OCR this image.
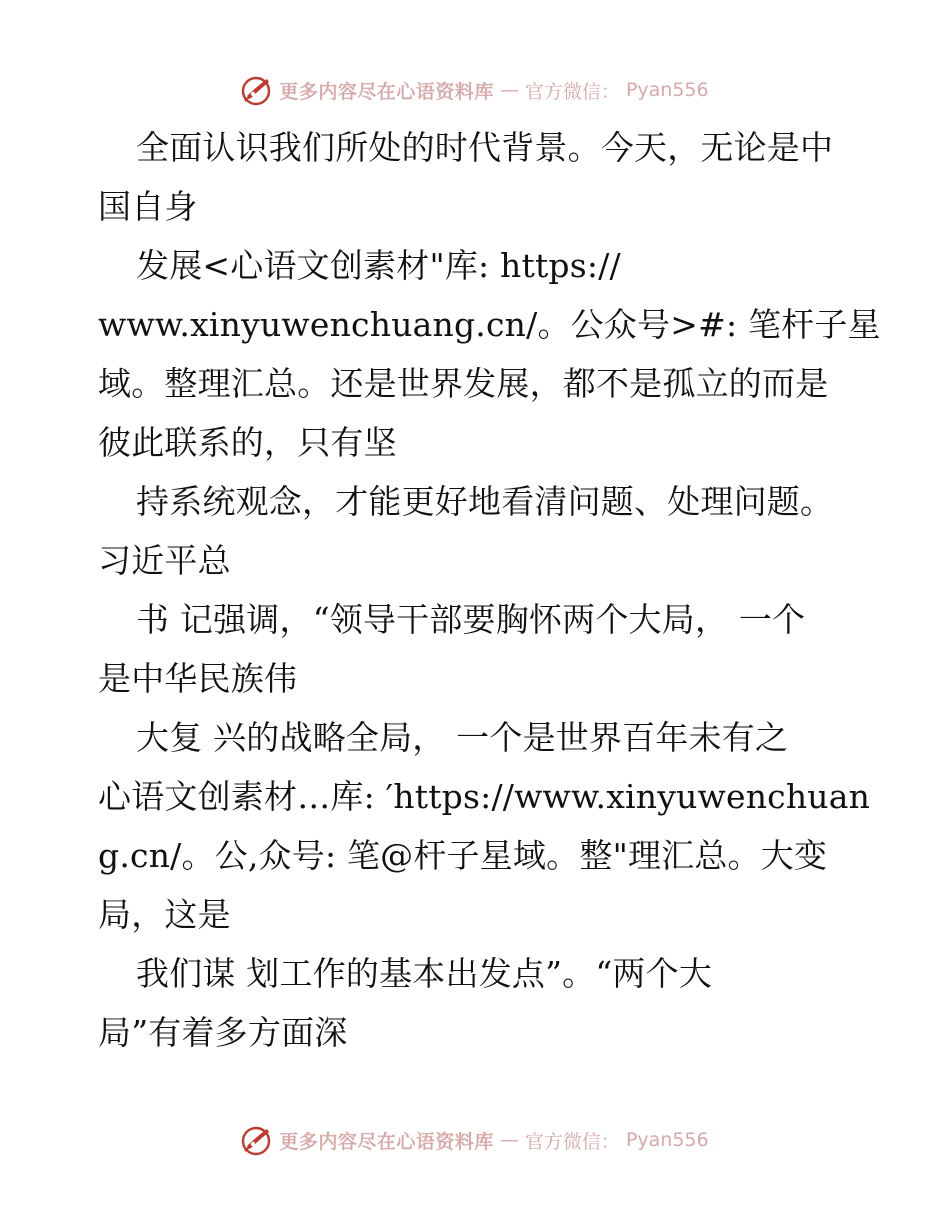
更多内容尽在心语资料库 — 官方微信： Pyan556
全面认识我们所处的时代背景。今天，无论是中
国自身
发展<心语文创素材"库: https://
www.xinyuwenchuang.cn/。公众号>#: 笔杆子星
域。整理汇总。还是世界发展，都不是孤立的而是
彼此联系的，只有坚
持系统观念，才能更好地看清问题、处理问题。
习近平总
书 记强调，“领导干部要胸怀两个大局， 一个
是中华民族伟
大复 兴的战略全局， 一个是世界百年未有之
心语文创素材…库: ′https://www.xinyuwenchuan
g.cn/。公,众号: 笔@杆子星域。整"理汇总。大变
局，这是
我们谋 划工作的基本出发点”。“两个大
局”有着多方面深
更多内容尽在心语资料库 — 官方微信： Pyan556
